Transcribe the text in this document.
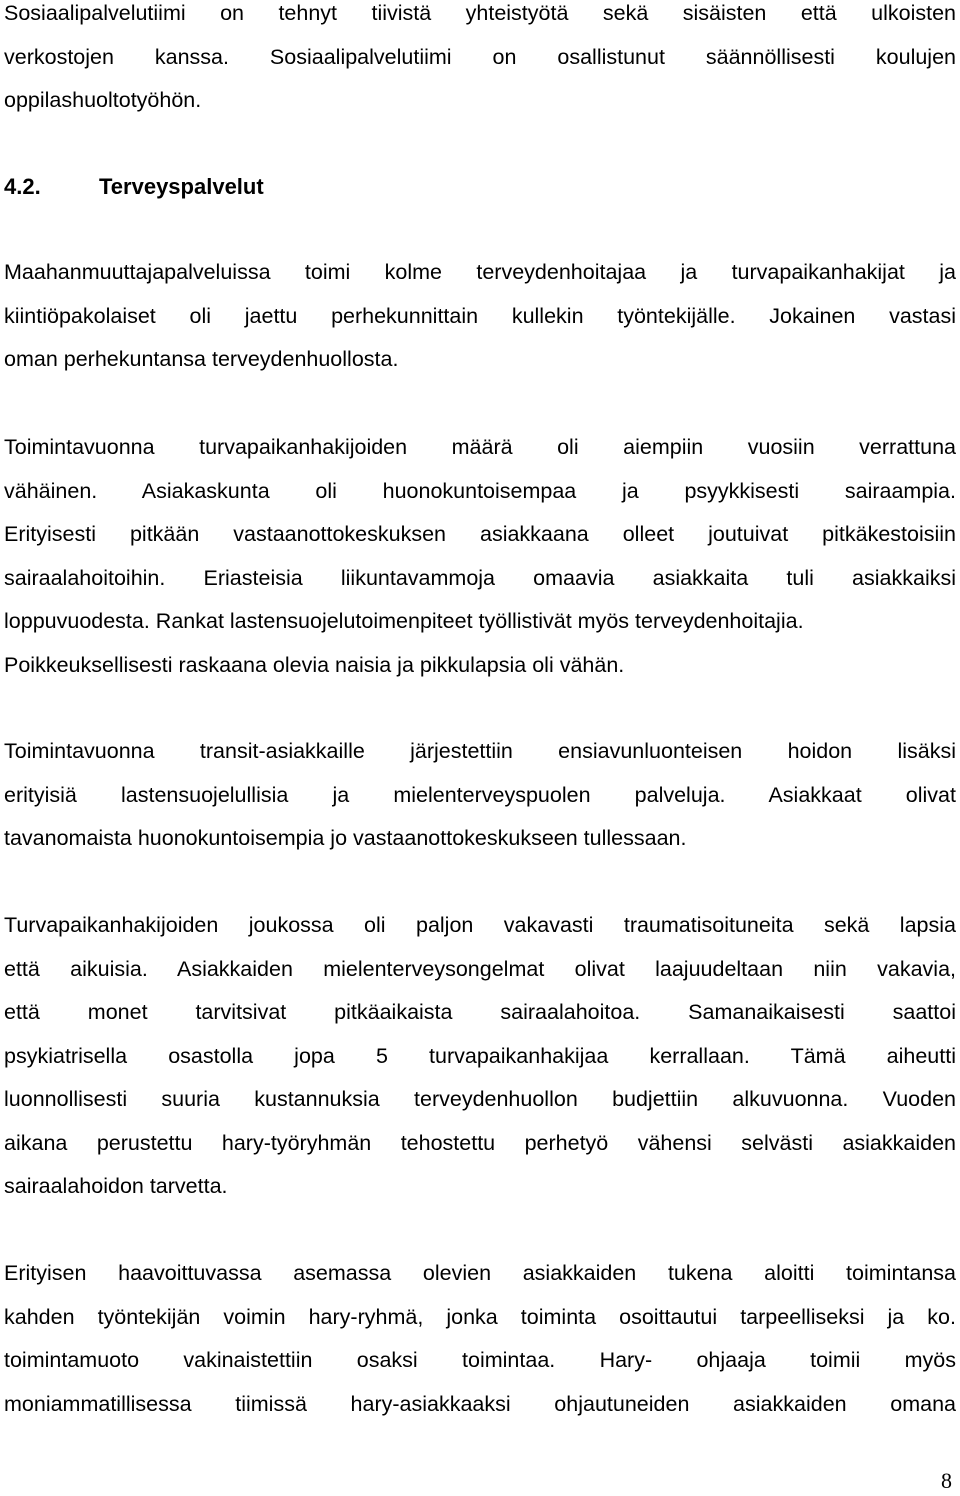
Sosiaalipalvelutiimi on tehnyt tiivistä yhteistyötä sekä sisäisten että ulkoisten
verkostojen kanssa. Sosiaalipalvelutiimi on osallistunut säännöllisesti koulujen
oppilashuoltotyöhön.
4.2.	Terveyspalvelut
Maahanmuuttajapalveluissa toimi kolme terveydenhoitajaa ja turvapaikanhakijat ja
kiintiöpakolaiset oli jaettu perhekunnittain kullekin työntekijälle. Jokainen vastasi
oman perhekuntansa terveydenhuollosta.
Toimintavuonna turvapaikanhakijoiden määrä oli aiempiin vuosiin verrattuna
vähäinen. Asiakaskunta oli huonokuntoisempaa ja psyykkisesti sairaampia.
Erityisesti pitkään vastaanottokeskuksen asiakkaana olleet joutuivat pitkäkestoisiin
sairaalahoitoihin. Eriasteisia liikuntavammoja omaavia asiakkaita tuli asiakkaiksi
loppuvuodesta. Rankat lastensuojelutoimenpiteet työllistivät myös terveydenhoitajia.
Poikkeuksellisesti raskaana olevia naisia ja pikkulapsia oli vähän.
Toimintavuonna transit-asiakkaille järjestettiin ensiavunluonteisen hoidon lisäksi
erityisiä lastensuojelullisia ja mielenterveyspuolen palveluja. Asiakkaat olivat
tavanomaista huonokuntoisempia jo vastaanottokeskukseen tullessaan.
Turvapaikanhakijoiden joukossa oli paljon vakavasti traumatisoituneita sekä lapsia
että aikuisia. Asiakkaiden mielenterveysongelmat olivat laajuudeltaan niin vakavia,
että monet tarvitsivat pitkäaikaista sairaalahoitoa. Samanaikaisesti saattoi
psykiatrisella osastolla jopa 5 turvapaikanhakijaa kerrallaan. Tämä aiheutti
luonnollisesti suuria kustannuksia terveydenhuollon budjettiin alkuvuonna. Vuoden
aikana perustettu hary-työryhmän tehostettu perhetyö vähensi selvästi asiakkaiden
sairaalahoidon tarvetta.
Erityisen haavoittuvassa asemassa olevien asiakkaiden tukena aloitti toimintansa
kahden työntekijän voimin hary-ryhmä, jonka toiminta osoittautui tarpeelliseksi ja ko.
toimintamuoto vakinaistettiin osaksi toimintaa. Hary- ohjaaja toimii myös
moniammatillisessa tiimissä hary-asiakkaaksi ohjautuneiden asiakkaiden omana
8
